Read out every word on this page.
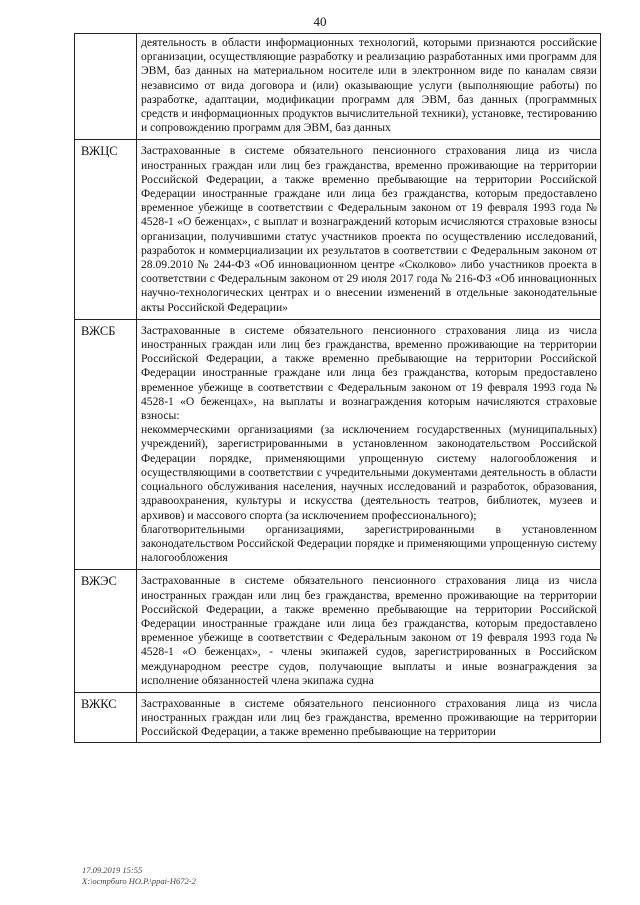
40

	деятельность в области информационных технологий, которыми признаются российские организации, осуществляющие разработку и реализацию разработанных ими программ для ЭВМ, баз данных на материальном носителе или в электронном виде по каналам связи независимо от вида договора и (или) оказывающие услуги (выполняющие работы) по разработке, адаптации, модификации программ для ЭВМ, баз данных (программных средств и информационных продуктов вычислительной техники), установке, тестированию и сопровождению программ для ЭВМ, баз данных

ВЖЦС	Застрахованные в системе обязательного пенсионного страхования лица из числа иностранных граждан или лиц без гражданства, временно проживающие на территории Российской Федерации, а также временно пребывающие на территории Российской Федерации иностранные граждане или лица без гражданства, которым предоставлено временное убежище в соответствии с Федеральным законом от 19 февраля 1993 года № 4528-1 «О беженцах», с выплат и вознаграждений которым исчисляются страховые взносы организации, получившими статус участников проекта по осуществлению исследований, разработок и коммерциализации их результатов в соответствии с Федеральным законом от 28.09.2010 № 244-ФЗ «Об инновационном центре «Сколково» либо участников проекта в соответствии с Федеральным законом от 29 июля 2017 года № 216-ФЗ «Об инновационных научно-технологических центрах и о внесении изменений в отдельные законодательные акты Российской Федерации»

ВЖСБ	Застрахованные в системе обязательного пенсионного страхования лица из числа иностранных граждан или лиц без гражданства, временно проживающие на территории Российской Федерации, а также временно пребывающие на территории Российской Федерации иностранные граждане или лица без гражданства, которым предоставлено временное убежище в соответствии с Федеральным законом от 19 февраля 1993 года № 4528-1 «О беженцах», на выплаты и вознаграждения которым начисляются страховые взносы:

некоммерческими организациями (за исключением государственных (муниципальных) учреждений), зарегистрированными в установленном законодательством Российской Федерации порядке, применяющими упрощенную систему налогообложения и осуществляющими в соответствии с учредительными документами деятельность в области социального обслуживания населения, научных исследований и разработок, образования, здравоохранения, культуры и искусства (деятельность театров, библиотек, музеев и архивов) и массового спорта (за исключением профессионального);

благотворительными организациями, зарегистрированными в установленном законодательством Российской Федерации порядке и применяющими упрощенную систему налогообложения

ВЖЭС	Застрахованные в системе обязательного пенсионного страхования лица из числа иностранных граждан или лиц без гражданства, временно проживающие на территории Российской Федерации, а также временно пребывающие на территории Российской Федерации иностранные граждане или лица без гражданства, которым предоставлено временное убежище в соответствии с Федеральным законом от 19 февраля 1993 года № 4528-1 «О беженцах», - члены экипажей судов, зарегистрированных в Российском международном реестре судов, получающие выплаты и иные вознаграждения за исполнение обязанностей члена экипажа судна

ВЖКС	Застрахованные в системе обязательного пенсионного страхования лица из числа иностранных граждан или лиц без гражданства, временно проживающие на территории Российской Федерации, а также временно пребывающие на территории

17.09.2019 15:55
X:\oстрбuro НО.Р.\ррai-Н672-2
